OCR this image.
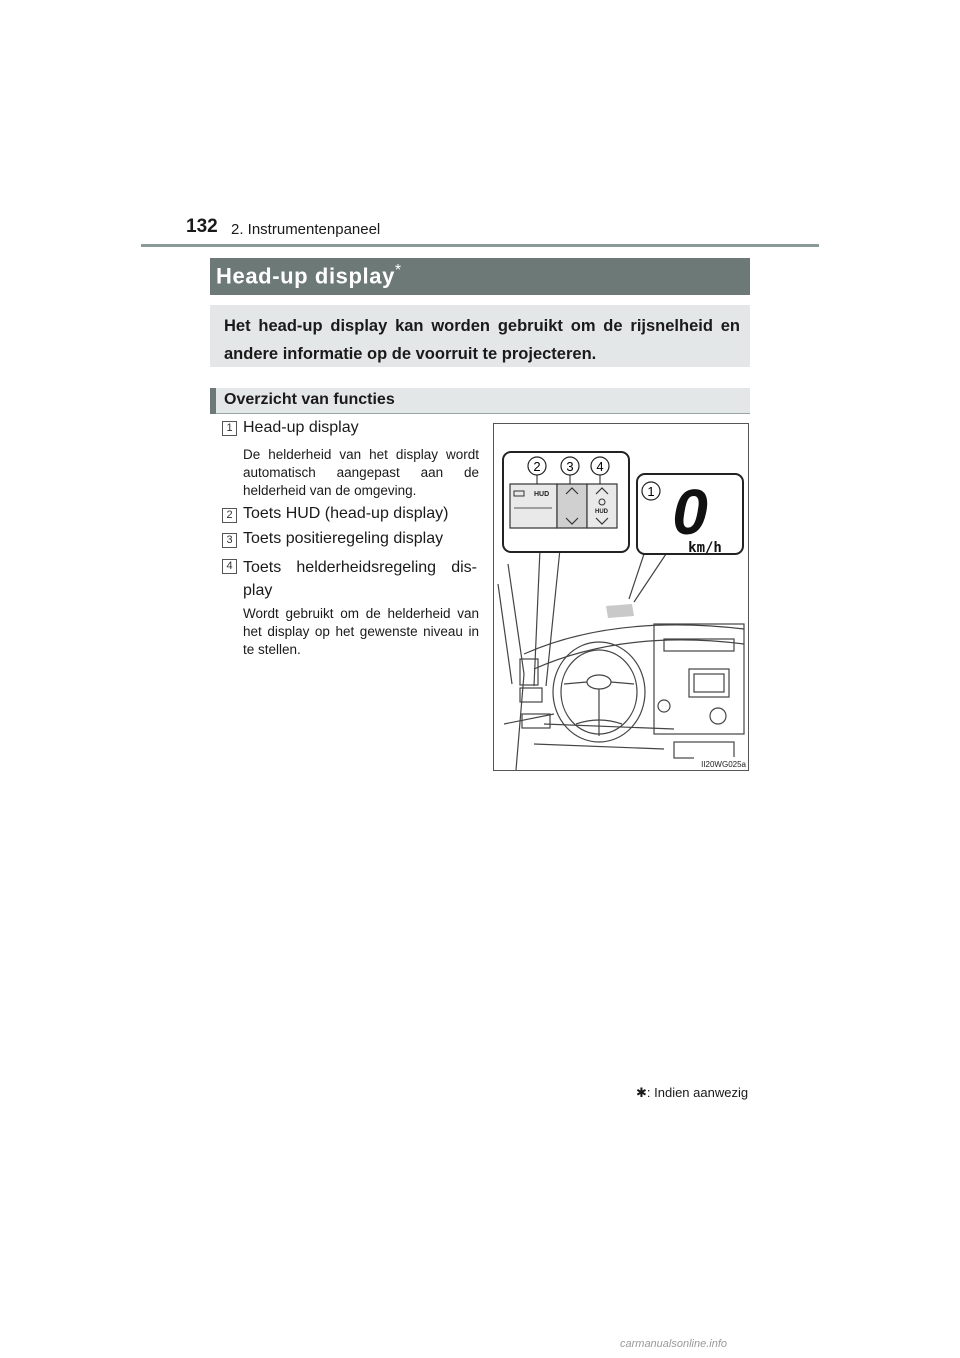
132 2. Instrumentenpaneel
Head-up display*
Het head-up display kan worden gebruikt om de rijsnelheid en andere informatie op de voorruit te projecteren.
Overzicht van functies
1 Head-up display
De helderheid van het display wordt automatisch aangepast aan de helderheid van de omgeving.
2 Toets HUD (head-up display)
3 Toets positieregeling display
4 Toets helderheidsregeling dis-play
Wordt gebruikt om de helderheid van het display op het gewenste niveau in te stellen.
HUD
HUD
2 3 4
1 0
km/h
II20WG025a
✱: Indien aanwezig
carmanualsonline.info
